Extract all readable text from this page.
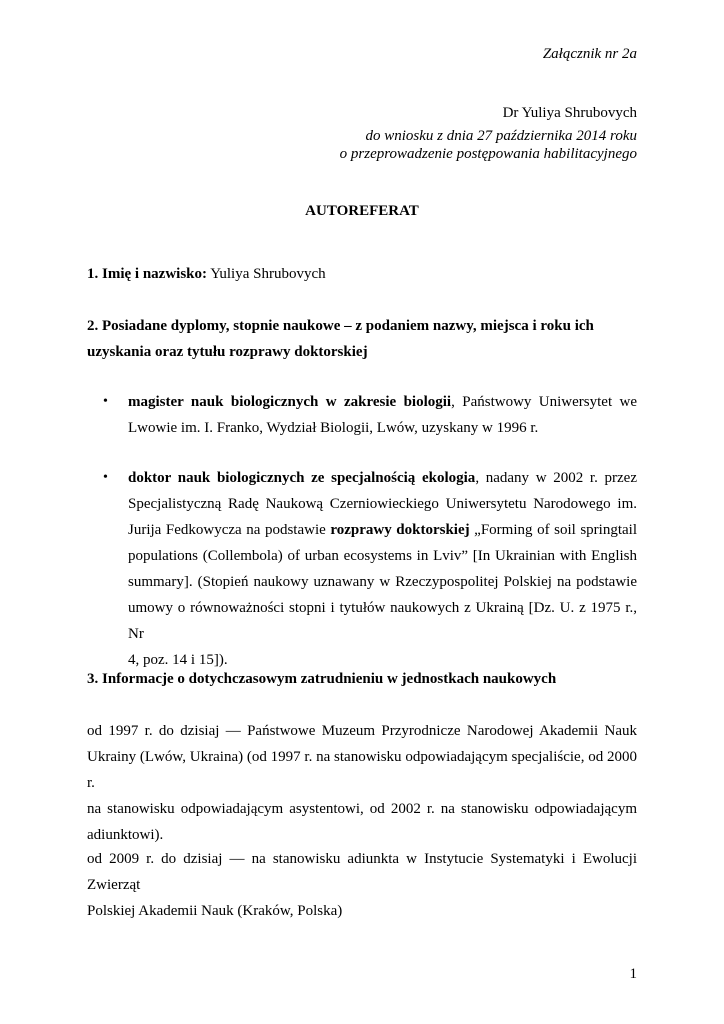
Załącznik nr 2a
Dr Yuliya Shrubovych
do wniosku z dnia 27 października 2014 roku
o przeprowadzenie postępowania habilitacyjnego
AUTOREFERAT
1. Imię i nazwisko: Yuliya Shrubovych
2. Posiadane dyplomy, stopnie naukowe – z podaniem nazwy, miejsca i roku ich
uzyskania oraz tytułu rozprawy doktorskiej
• magister nauk biologicznych w zakresie biologii, Państwowy Uniwersytet we
Lwowie im. I. Franko, Wydział Biologii, Lwów, uzyskany w 1996 r.
• doktor nauk biologicznych ze specjalnością ekologia, nadany w 2002 r. przez
Specjalistyczną Radę Naukową Czerniowieckiego Uniwersytetu Narodowego im.
Jurija Fedkowycza na podstawie rozprawy doktorskiej „Forming of soil springtail
populations (Collembola) of urban ecosystems in Lviv” [In Ukrainian with English
summary]. (Stopień naukowy uznawany w Rzeczypospolitej Polskiej na podstawie
umowy o równoważności stopni i tytułów naukowych z Ukrainą [Dz. U. z 1975 r., Nr
4, poz. 14 i 15]).
3. Informacje o dotychczasowym zatrudnieniu w jednostkach naukowych
od 1997 r. do dzisiaj — Państwowe Muzeum Przyrodnicze Narodowej Akademii Nauk
Ukrainy (Lwów, Ukraina) (od 1997 r. na stanowisku odpowiadającym specjaliście, od 2000 r.
na stanowisku odpowiadającym asystentowi, od 2002 r. na stanowisku odpowiadającym
adiunktowi).
od 2009 r. do dzisiaj — na stanowisku adiunkta w Instytucie Systematyki i Ewolucji Zwierząt
Polskiej Akademii Nauk (Kraków, Polska)
1
